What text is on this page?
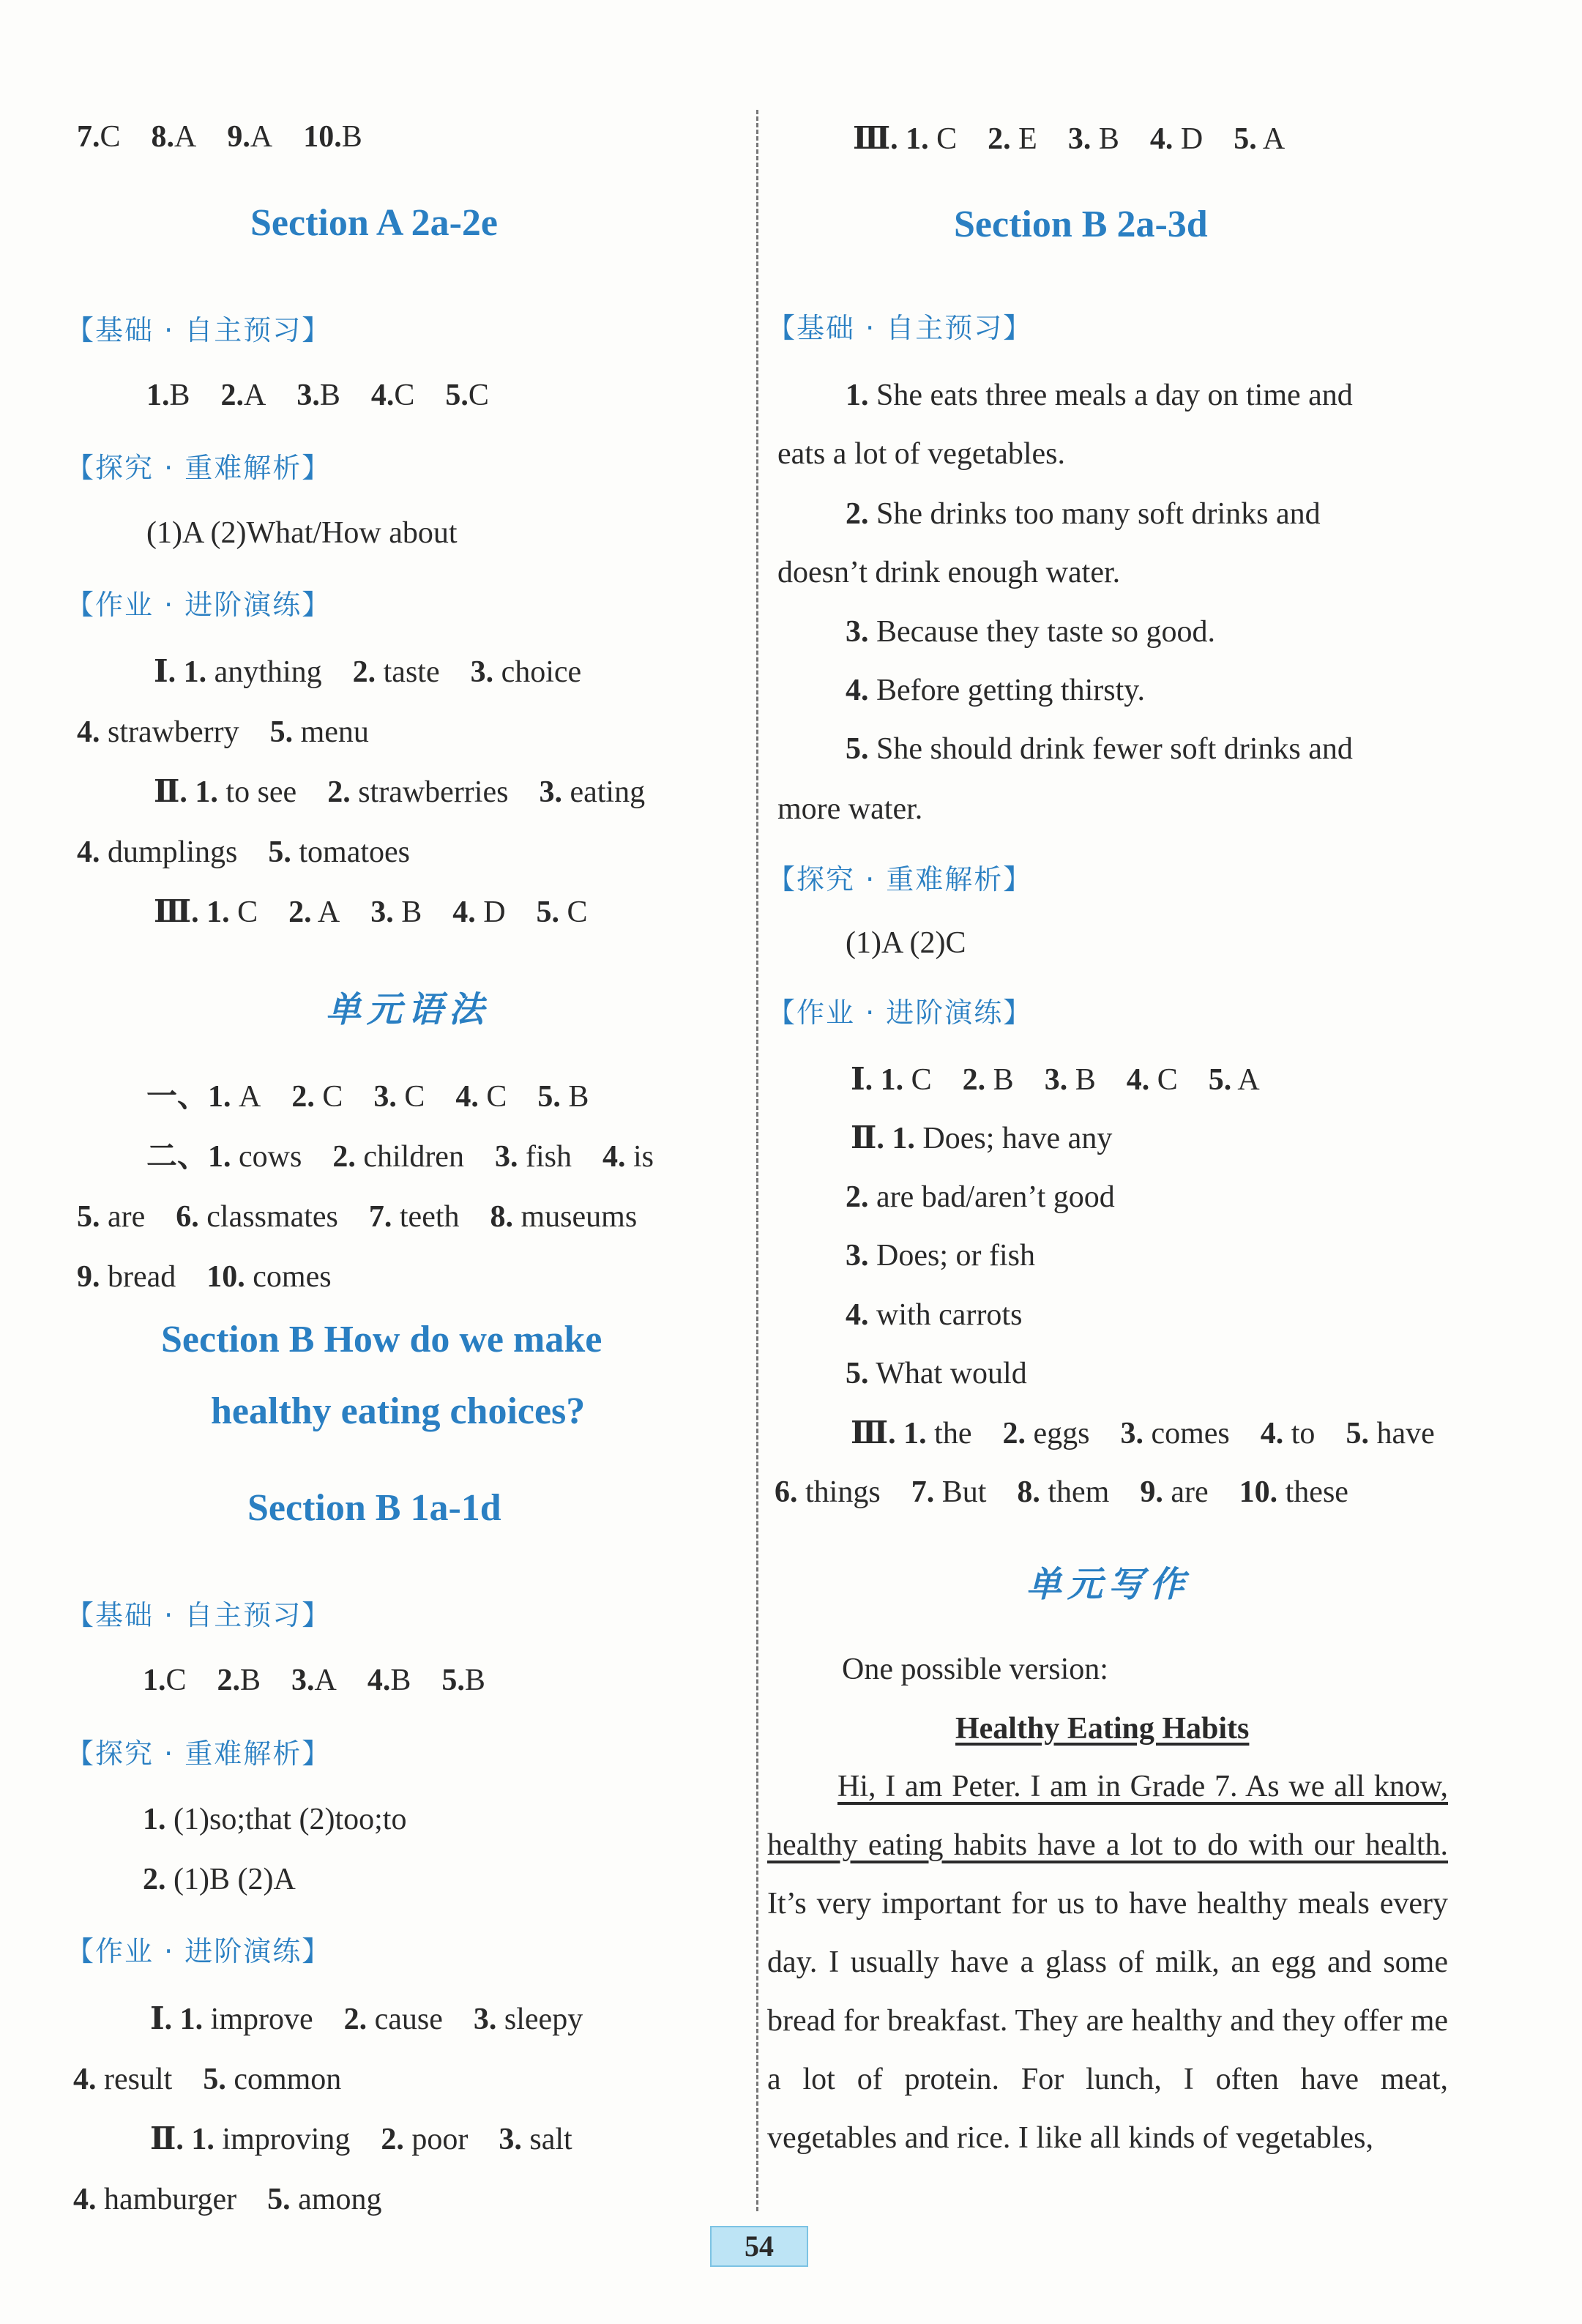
7.C 8.A 9.A 10.B
Section A 2a-2e
【基础 · 自主预习】
1.B 2.A 3.B 4.C 5.C
【探究 · 重难解析】
(1)A (2)What/How about
【作业 · 进阶演练】
Ⅰ. 1. anything 2. taste 3. choice
4. strawberry 5. menu
Ⅱ. 1. to see 2. strawberries 3. eating
4. dumplings 5. tomatoes
Ⅲ. 1. C 2. A 3. B 4. D 5. C
单元语法
一、1. A 2. C 3. C 4. C 5. B
二、1. cows 2. children 3. fish 4. is
5. are 6. classmates 7. teeth 8. museums
9. bread 10. comes
Section B How do we make
healthy eating choices?
Section B 1a-1d
【基础 · 自主预习】
1.C 2.B 3.A 4.B 5.B
【探究 · 重难解析】
1. (1)so;that (2)too;to
2. (1)B (2)A
【作业 · 进阶演练】
Ⅰ. 1. improve 2. cause 3. sleepy
4. result 5. common
Ⅱ. 1. improving 2. poor 3. salt
4. hamburger 5. among
Ⅲ. 1. C 2. E 3. B 4. D 5. A
Section B 2a-3d
【基础 · 自主预习】
1. She eats three meals a day on time and
eats a lot of vegetables.
2. She drinks too many soft drinks and
doesn’t drink enough water.
3. Because they taste so good.
4. Before getting thirsty.
5. She should drink fewer soft drinks and
more water.
【探究 · 重难解析】
(1)A (2)C
【作业 · 进阶演练】
Ⅰ. 1. C 2. B 3. B 4. C 5. A
Ⅱ. 1. Does; have any
2. are bad/aren’t good
3. Does; or fish
4. with carrots
5. What would
Ⅲ. 1. the 2. eggs 3. comes 4. to 5. have
6. things 7. But 8. them 9. are 10. these
单元写作
One possible version:
Healthy Eating Habits
Hi, I am Peter. I am in Grade 7. As we all know, healthy eating habits have a lot to do with our health. It’s very important for us to have healthy meals every day. I usually have a glass of milk, an egg and some bread for breakfast. They are healthy and they offer me a lot of protein. For lunch, I often have meat, vegetables and rice. I like all kinds of vegetables,
54
